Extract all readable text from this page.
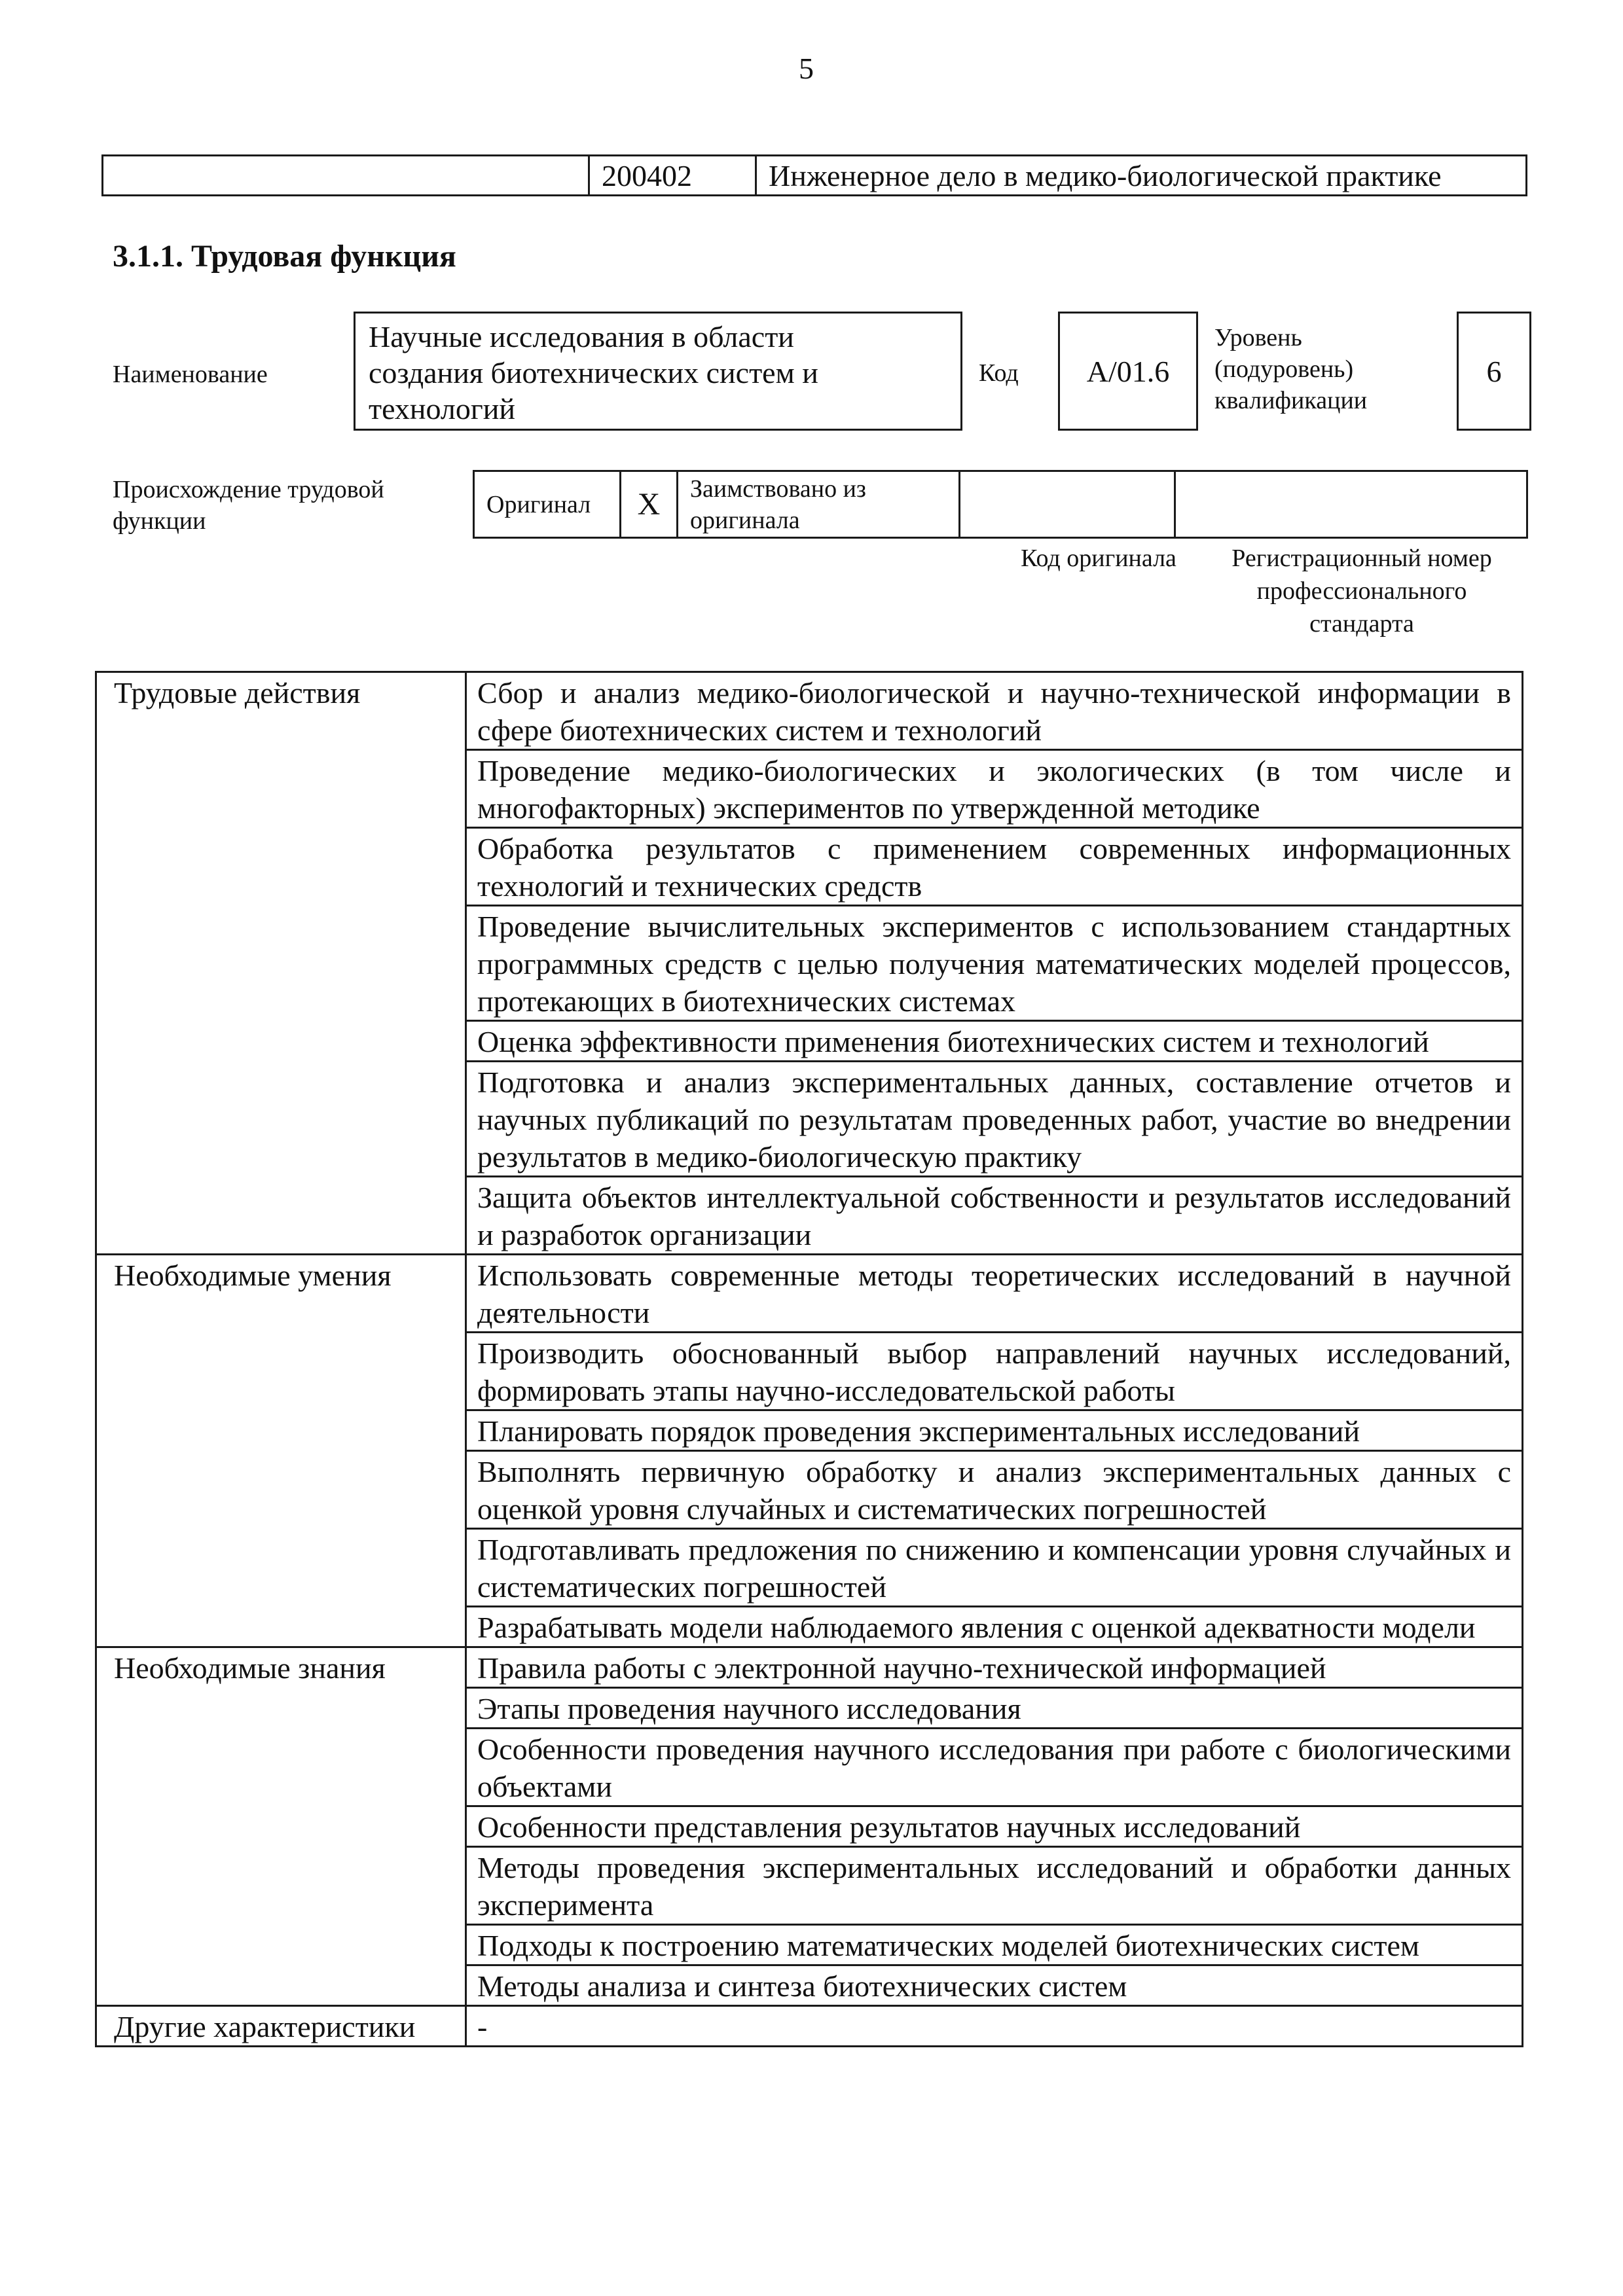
5
	200402	Инженерное дело в медико-биологической практике
3.1.1. Трудовая функция
Наименование
Научные исследования в области
создания биотехнических систем и
технологий
Код	A/01.6
Уровень
(подуровень)
квалификации
6
Происхождение трудовой
функции
Оригинал	X	Заимствовано из
оригинала

Код оригинала	Регистрационный номер
профессионального
стандарта
Трудовые действия	Сбор и анализ медико-биологической и научно-технической информации в сфере биотехнических систем и технологий
	Проведение медико-биологических и экологических (в том числе и многофакторных) экспериментов по утвержденной методике
	Обработка результатов с применением современных информационных технологий и технических средств
	Проведение вычислительных экспериментов с использованием стандартных программных средств с целью получения математических моделей процессов, протекающих в биотехнических системах
	Оценка эффективности применения биотехнических систем и технологий
	Подготовка и анализ экспериментальных данных, составление отчетов и научных публикаций по результатам проведенных работ, участие во внедрении результатов в медико-биологическую практику
	Защита объектов интеллектуальной собственности и результатов исследований и разработок организации
Необходимые умения	Использовать современные методы теоретических исследований в научной деятельности
	Производить обоснованный выбор направлений научных исследований, формировать этапы научно-исследовательской работы
	Планировать порядок проведения экспериментальных исследований
	Выполнять первичную обработку и анализ экспериментальных данных с оценкой уровня случайных и систематических погрешностей
	Подготавливать предложения по снижению и компенсации уровня случайных и систематических погрешностей
	Разрабатывать модели наблюдаемого явления с оценкой адекватности модели
Необходимые знания	Правила работы с электронной научно-технической информацией
	Этапы проведения научного исследования
	Особенности проведения научного исследования при работе с биологическими объектами
	Особенности представления результатов научных исследований
	Методы проведения экспериментальных исследований и обработки данных эксперимента
	Подходы к построению математических моделей биотехнических систем
	Методы анализа и синтеза биотехнических систем
Другие характеристики	-
